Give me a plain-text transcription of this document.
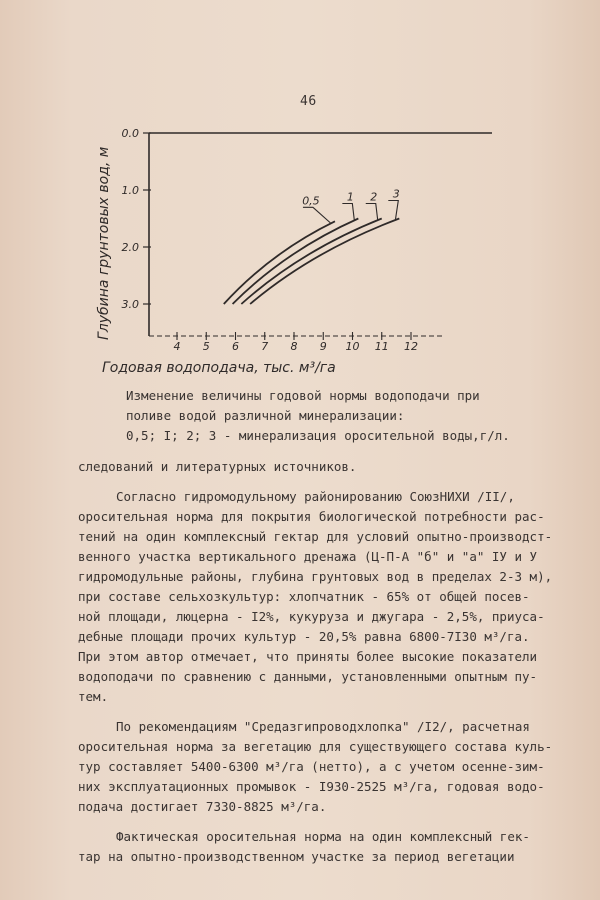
46
0.0
1.0
2.0
3.0
4 5 6 7 8 9 10 11 12
Глубина грунтовых вод, м
Годовая водоподача, тыс. м³/га
0,5 1 2 3
Изменение величины годовой нормы водоподачи при
поливе водой различной минерализации:
0,5; I; 2; 3 - минерализация оросительной воды,г/л.

следований и литературных источников.

Согласно гидромодульному районированию СоюзНИХИ /II/,
оросительная норма для покрытия биологической потребности рас-
тений на один комплексный гектар для условий опытно-производст-
венного участка вертикального дренажа (Ц-П-А "б" и "а" IУ и У
гидромодульные районы, глубина грунтовых вод в пределах 2-3 м),
при составе сельхозкультур: хлопчатник - 65% от общей посев-
ной площади, люцерна - I2%, кукуруза и джугара - 2,5%, приуса-
дебные площади прочих культур - 20,5% равна 6800-7I30 м³/га.
При этом автор отмечает, что приняты более высокие показатели
водоподачи по сравнению с данными, установленными опытным пу-
тем.

По рекомендациям "Средазгипроводхлопка" /I2/, расчетная
оросительная норма за вегетацию для существующего состава куль-
тур составляет 5400-6300 м³/га (нетто), а с учетом осенне-зим-
них эксплуатационных промывок - I930-2525 м³/га, годовая водо-
подача достигает 7330-8825 м³/га.

Фактическая оросительная норма на один комплексный гек-
тар на опытно-производственном участке за период вегетации
